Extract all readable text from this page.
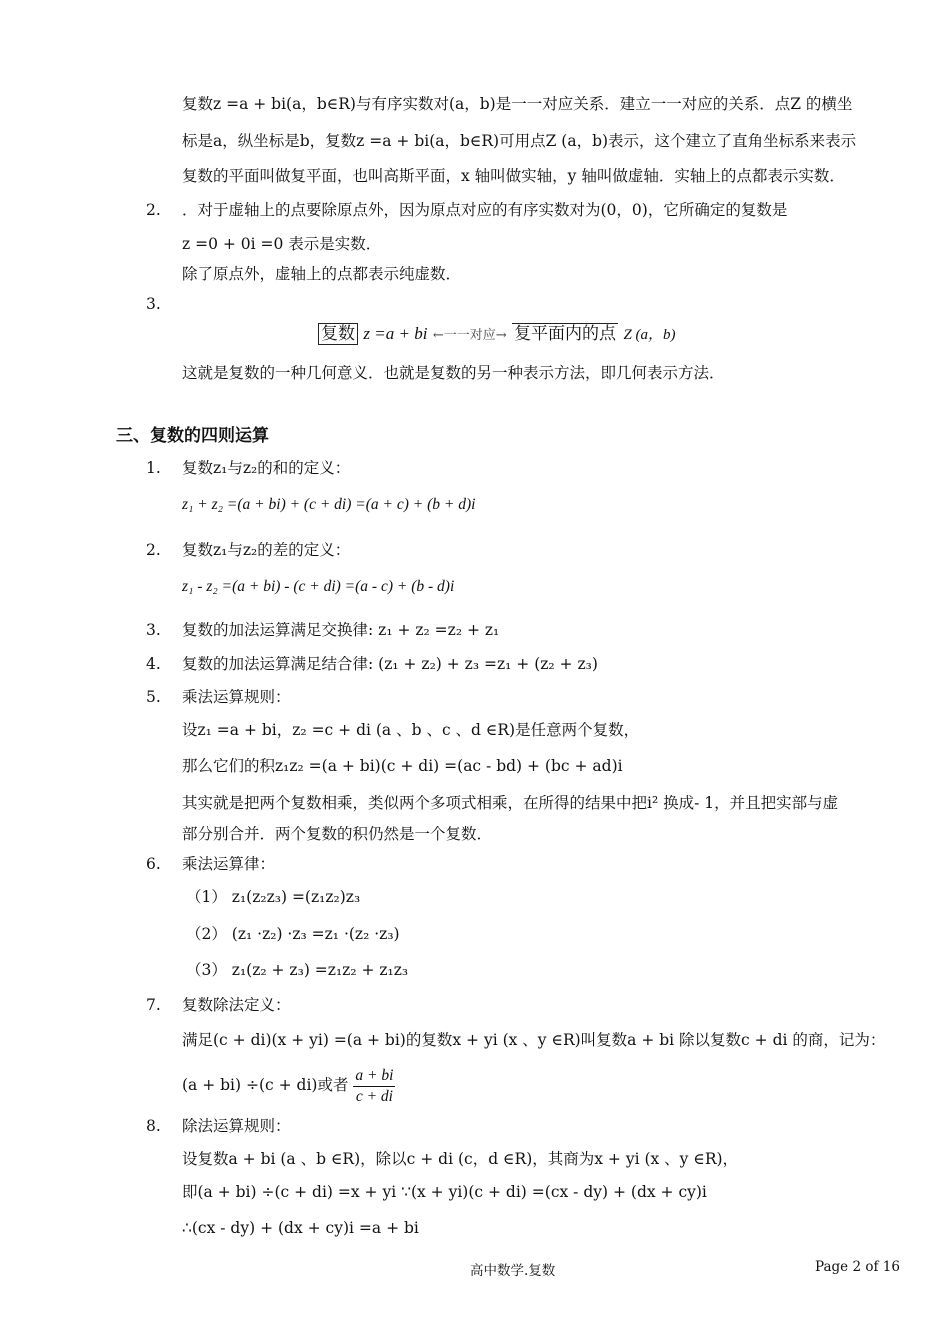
复数z =a + bi(a，b∈R)与有序实数对(a，b)是一一对应关系．建立一一对应的关系．点Z 的横坐
标是a，纵坐标是b，复数z =a + bi(a，b∈R)可用点Z (a，b)表示，这个建立了直角坐标系来表示
复数的平面叫做复平面，也叫高斯平面，x 轴叫做实轴，y 轴叫做虚轴．实轴上的点都表示实数．
2. ．对于虚轴上的点要除原点外，因为原点对应的有序实数对为(0，0)，它所确定的复数是
z =0 + 0i =0 表示是实数．
除了原点外，虚轴上的点都表示纯虚数．
3.
复数 z =a + bi ←一一对应→ 复平面内的点 Z (a，b)
这就是复数的一种几何意义．也就是复数的另一种表示方法，即几何表示方法．
三、复数的四则运算
1. 复数z₁与z₂的和的定义：
z₁ + z₂ =(a + bi) + (c + di) =(a + c) + (b + d)i
2. 复数z₁与z₂的差的定义：
z₁ - z₂ =(a + bi) - (c + di) =(a - c) + (b - d)i
3. 复数的加法运算满足交换律: z₁ + z₂ =z₂ + z₁
4. 复数的加法运算满足结合律: (z₁ + z₂) + z₃ =z₁ + (z₂ + z₃)
5. 乘法运算规则：
设z₁ =a + bi，z₂ =c + di (a 、b 、c 、d ∈R)是任意两个复数，
那么它们的积z₁z₂ =(a + bi)(c + di) =(ac - bd) + (bc + ad)i
其实就是把两个复数相乘，类似两个多项式相乘，在所得的结果中把i² 换成- 1，并且把实部与虚
部分别合并．两个复数的积仍然是一个复数．
6. 乘法运算律：
（1） z₁(z₂z₃) =(z₁z₂)z₃
（2） (z₁ ·z₂) ·z₃ =z₁ ·(z₂ ·z₃)
（3） z₁(z₂ + z₃) =z₁z₂ + z₁z₃
7. 复数除法定义：
满足(c + di)(x + yi) =(a + bi)的复数x + yi (x 、y ∈R)叫复数a + bi 除以复数c + di 的商，记为：
(a + bi) ÷(c + di)或者 $\frac{a + bi}{c + di}$
8. 除法运算规则：
设复数a + bi (a 、b ∈R)，除以c + di (c，d ∈R)，其商为x + yi (x 、y ∈R)，
即(a + bi) ÷(c + di) =x + yi ∵(x + yi)(c + di) =(cx - dy) + (dx + cy)i
∴(cx - dy) + (dx + cy)i =a + bi
高中数学.复数	Page 2 of 16
